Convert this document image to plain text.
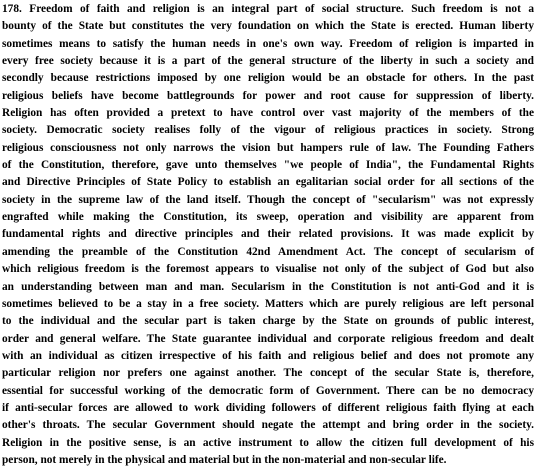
178. Freedom of faith and religion is an integral part of social structure. Such freedom is not a
bounty of the State but constitutes the very foundation on which the State is erected. Human liberty
sometimes means to satisfy the human needs in one's own way. Freedom of religion is imparted in
every free society because it is a part of the general structure of the liberty in such a society and
secondly because restrictions imposed by one religion would be an obstacle for others. In the past
religious beliefs have become battlegrounds for power and root cause for suppression of liberty.
Religion has often provided a pretext to have control over vast majority of the members of the
society. Democratic society realises folly of the vigour of religious practices in society. Strong
religious consciousness not only narrows the vision but hampers rule of law. The Founding Fathers
of the Constitution, therefore, gave unto themselves "we people of India", the Fundamental Rights
and Directive Principles of State Policy to establish an egalitarian social order for all sections of the
society in the supreme law of the land itself. Though the concept of "secularism" was not expressly
engrafted while making the Constitution, its sweep, operation and visibility are apparent from
fundamental rights and directive principles and their related provisions. It was made explicit by
amending the preamble of the Constitution 42nd Amendment Act. The concept of secularism of
which religious freedom is the foremost appears to visualise not only of the subject of God but also
an understanding between man and man. Secularism in the Constitution is not anti-God and it is
sometimes believed to be a stay in a free society. Matters which are purely religious are left personal
to the individual and the secular part is taken charge by the State on grounds of public interest,
order and general welfare. The State guarantee individual and corporate religious freedom and dealt
with an individual as citizen irrespective of his faith and religious belief and does not promote any
particular religion nor prefers one against another. The concept of the secular State is, therefore,
essential for successful working of the democratic form of Government. There can be no democracy
if anti-secular forces are allowed to work dividing followers of different religious faith flying at each
other's throats. The secular Government should negate the attempt and bring order in the society.
Religion in the positive sense, is an active instrument to allow the citizen full development of his
person, not merely in the physical and material but in the non-material and non-secular life.
